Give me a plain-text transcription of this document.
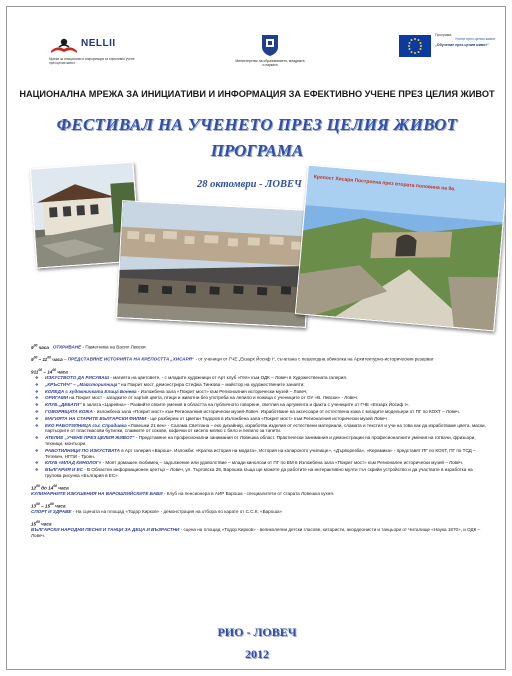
NELLII
Мрежа за инициативи и информация за ефективно учене през целия живот	Министерство на образованието, младежта и науката
Програма
Учене през целия живот
„Обучение през целия живот“
НАЦИОНАЛНА МРЕЖА ЗА ИНИЦИАТИВИ И ИНФОРМАЦИЯ ЗА ЕФЕКТИВНО УЧЕНЕ ПРЕЗ ЦЕЛИЯ ЖИВОТ
ФЕСТИВАЛ НА УЧЕНЕТО ПРЕЗ ЦЕЛИЯ ЖИВОТ
ПРОГРАМА
28 октомври - ЛОВЕЧ Крепост Хисаря Построена през втората половина на 9в.
$9^{00}$ часа ОТКРИВАНЕ - Паметника на Васил Левски
$9^{00} - 11^{00}$ часа – ПРЕДСТАВЯНЕ ИСТОРИЯТА НА КРЕПОСТТА „ХИСАРЯ“ - от ученици от ГЧЕ „Екзарх Йосиф I“, съчетана с пешеходна обиколка на Архитектурно-историческия резерват
$911^{00} - 14^{00}$ часа
❖ ИЗКУСТВОТО ДА РИСУВАШ - магията на цветовете, - с младите художници от Арт клуб «Гея» към ОДК – Ловеч в Художествената галерия.
❖ „КРЪСТИЧ“ – „Майсторилница“ на Покрит мост, демонстрира Стефка Тинкова – майстор на художествените занаяти;
❖ КОЛЕДА с художничката Елица Бонева - Изложбена зала «Покрит мост» към Регионалния исторически музей – Ловеч;
❖ ОРИГАМИ на Покрит мост - загадките от хартия цвета, птици и животни без употреба на лепило и ножица с учениците от ОУ «В. Левски» - Ловеч.
❖ КЛУБ „ДЕБАТИ“ в залата «Царевна» - Развийте своите умения в областта на публичното говорене, светлия на аргумента и факта с учениците от ГЧЕ «Екзарх Йосиф I».
❖ ГОВОРЯЩАТА КОЖА - изложбена зала «Покрит мост» към Регионалния исторически музей-Ловеч. Изработване на аксесоари от естествена кожа с младите модельери от ПГ по КОХТ – Ловеч.
❖ МАГИЯТА НА СТАРИТЕ БЪЛГАРСКИ ФИЛМИ - ще разберем от Цветан Тодоров в Изложбена зала «Покрит мост» към Регионалния исторически музей Ловеч
❖ ЕКО РАБОТИЛНИЦА със Спрадивка «Ловешки 21 век» - Салама Светлана – еко дизайнер, изработва изделия от естествени материали, сламата и текстил и учи на това как да изработваме цвета, маски, партьорите от пластмасови бутилки, сламките от сокове, кофички от кисело мляко с бяло и лепило за тапети.
❖ АТЕЛИЕ „УЧЕНЕ ПРЕЗ ЦЕЛИЯ ЖИВОТ“ - Представяне на професионални занимания от Ловешка област. Практически занимания и демонстрации на професионалните умения на готвачи, фризьори, техници, монтьори.
❖ РАБОТИЛНИЦИ ПО ИЗКУСТВАТА в Арт галерия «Варош». Изложби: «Кратка история на модата», История на коларското училище», «Дърворезба», «Керамика» - представят ПГ по КОХТ, ПГ по ТСД – Тетевен, НГПИ - Троян.
❖ КЛУБ «МЛАД КИНОЛОГ» - Моят домашен любимец – задължение или удоволствие – млади кинолози от ПГ по ВМ в Изложбена зала «Покрит мост» към Регионален исторически музей – Ловеч.
❖ БЪЛГАРИЯ И ЕС - В Областен информационен център – Ловеч, ул. Търговска 29, Варошка къща ще можете да работите на интерактивно мулти тъч скрийн устройство и да участвате в изработка на групова рисунка «България в ЕС».
$12^{00}$ до $14^{00}$ часа
КУЛИНАРНИТЕ ИЗКУШЕНИЯ НА ВАРОШЛИЙСКИТЕ БАБИ - Клуб на пенсионера в АИР Вароша - специалитети от старата Ловешка кухня.
$13^{00} - 15^{00}$ часа
СПОРТ И ЗДРАВЕ - На сцената на площад «Тодор Кирков» - демонстрация на отбора по карате от С.С.К. «Вароша»
$15^{00}$ часа
БЪЛГАРСКИ НАРОДНИ ПЕСНИ И ТАНЦИ ЗА ДЕЦА И ВЪЗРАСТНИ - сцена на площад «Тодор Кирков» - великолепни детски гласове, китаристи, акордеонисти и танцьори от Читалище «Наука 1870», и ОДК – Ловеч.
РИО - ЛОВЕЧ
2012
